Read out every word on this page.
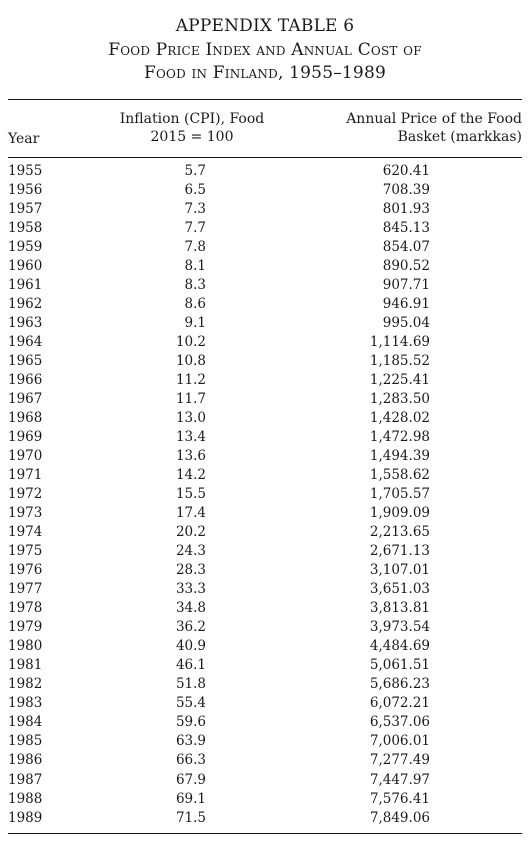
APPENDIX TABLE 6
Food Price Index and Annual Cost of
Food in Finland, 1955–1989
Year
Inflation (CPI), Food
2015 = 100
Annual Price of the Food
Basket (markkas)
1955	5.7	620.41
1956	6.5	708.39
1957	7.3	801.93
1958	7.7	845.13
1959	7.8	854.07
1960	8.1	890.52
1961	8.3	907.71
1962	8.6	946.91
1963	9.1	995.04
1964	10.2	1,114.69
1965	10.8	1,185.52
1966	11.2	1,225.41
1967	11.7	1,283.50
1968	13.0	1,428.02
1969	13.4	1,472.98
1970	13.6	1,494.39
1971	14.2	1,558.62
1972	15.5	1,705.57
1973	17.4	1,909.09
1974	20.2	2,213.65
1975	24.3	2,671.13
1976	28.3	3,107.01
1977	33.3	3,651.03
1978	34.8	3,813.81
1979	36.2	3,973.54
1980	40.9	4,484.69
1981	46.1	5,061.51
1982	51.8	5,686.23
1983	55.4	6,072.21
1984	59.6	6,537.06
1985	63.9	7,006.01
1986	66.3	7,277.49
1987	67.9	7,447.97
1988	69.1	7,576.41
1989	71.5	7,849.06
